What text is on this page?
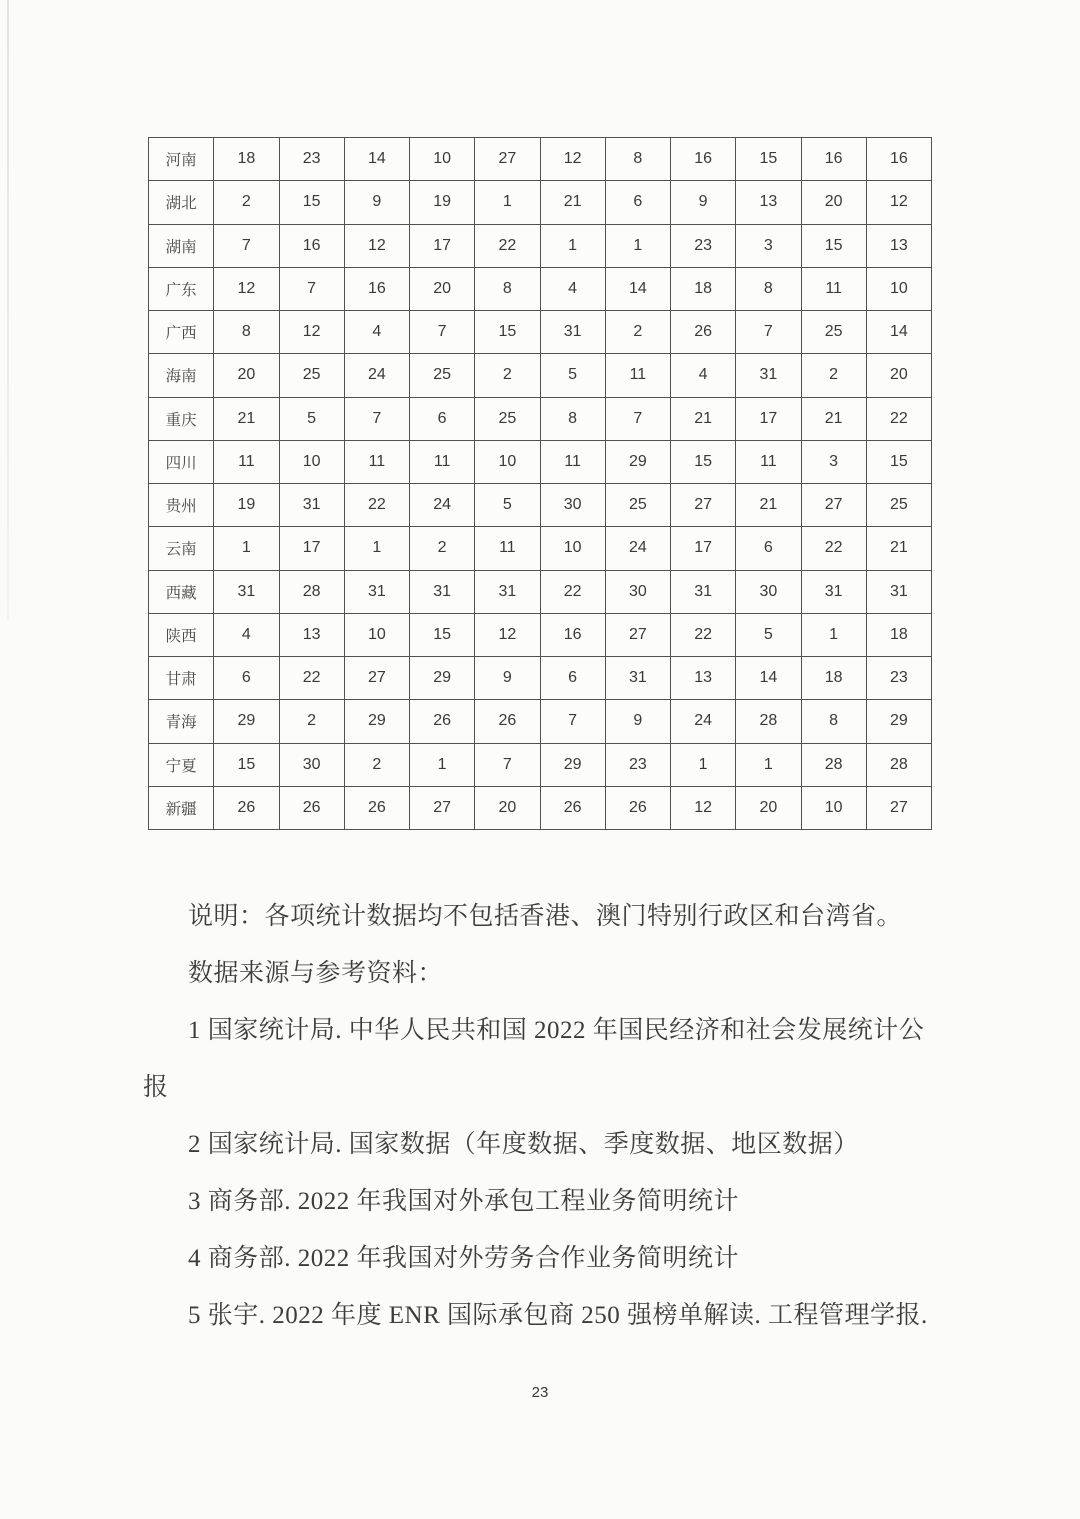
河南	18	23	14	10	27	12	8	16	15	16	16
湖北	2	15	9	19	1	21	6	9	13	20	12
湖南	7	16	12	17	22	1	1	23	3	15	13
广东	12	7	16	20	8	4	14	18	8	11	10
广西	8	12	4	7	15	31	2	26	7	25	14
海南	20	25	24	25	2	5	11	4	31	2	20
重庆	21	5	7	6	25	8	7	21	17	21	22
四川	11	10	11	11	10	11	29	15	11	3	15
贵州	19	31	22	24	5	30	25	27	21	27	25
云南	1	17	1	2	11	10	24	17	6	22	21
西藏	31	28	31	31	31	22	30	31	30	31	31
陕西	4	13	10	15	12	16	27	22	5	1	18
甘肃	6	22	27	29	9	6	31	13	14	18	23
青海	29	2	29	26	26	7	9	24	28	8	29
宁夏	15	30	2	1	7	29	23	1	1	28	28
新疆	26	26	26	27	20	26	26	12	20	10	27
说明：各项统计数据均不包括香港、澳门特别行政区和台湾省。
数据来源与参考资料：
1 国家统计局. 中华人民共和国 2022 年国民经济和社会发展统计公
报
2 国家统计局. 国家数据（年度数据、季度数据、地区数据）
3 商务部. 2022 年我国对外承包工程业务简明统计
4 商务部. 2022 年我国对外劳务合作业务简明统计
5 张宇. 2022 年度 ENR 国际承包商 250 强榜单解读. 工程管理学报.
23
